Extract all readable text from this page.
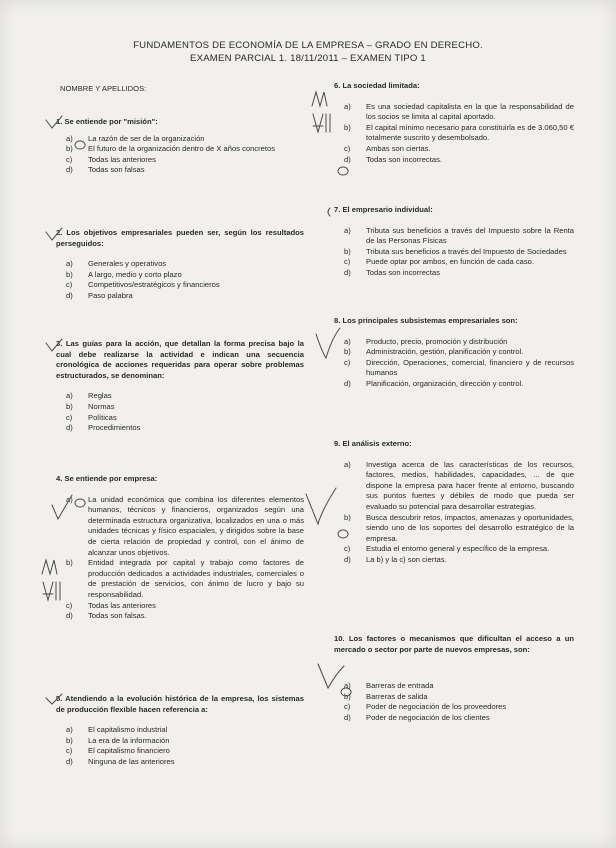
FUNDAMENTOS DE ECONOMÍA DE LA EMPRESA – GRADO EN DERECHO.
EXAMEN PARCIAL 1. 18/11/2011 – EXAMEN TIPO 1
NOMBRE Y APELLIDOS:
1. Se entiende por "misión":
a)	La razón de ser de la organización
b)	El futuro de la organización dentro de X años concretos
c)	Todas las anteriores
d)	Todas son falsas
2. Los objetivos empresariales pueden ser, según los resultados perseguidos:
a)	Generales y operativos
b)	A largo, medio y corto plazo
c)	Competitivos/estratégicos y financieros
d)	Paso palabra
3. Las guías para la acción, que detallan la forma precisa bajo la cual debe realizarse la actividad e indican una secuencia cronológica de acciones requeridas para operar sobre problemas estructurados, se denominan:
a)	Reglas
b)	Normas
c)	Políticas
d)	Procedimientos
4. Se entiende por empresa:
a)	La unidad económica que combina los diferentes elementos humanos, técnicos y financieros, organizados según una determinada estructura organizativa, localizados en una o más unidades técnicas y físico espaciales, y dirigidos sobre la base de cierta relación de propiedad y control, con el ánimo de alcanzar unos objetivos.
b)	Entidad integrada por capital y trabajo como factores de producción dedicados a actividades industriales, comerciales o de prestación de servicios, con ánimo de lucro y bajo su responsabilidad.
c)	Todas las anteriores
d)	Todas son falsas.
5. Atendiendo a la evolución histórica de la empresa, los sistemas de producción flexible hacen referencia a:
a)	El capitalismo industrial
b)	La era de la información
c)	El capitalismo financiero
d)	Ninguna de las anteriores
6. La sociedad limitada:
a)	Es una sociedad capitalista en la que la responsabilidad de los socios se limita al capital aportado.
b)	El capital mínimo necesario para constituirla es de 3.060,50 € totalmente suscrito y desembolsado.
c)	Ambas son ciertas.
d)	Todas son incorrectas.
7. El empresario individual:
a)	Tributa sus beneficios a través del Impuesto sobre la Renta de las Personas Físicas
b)	Tributa sus beneficios a través del Impuesto de Sociedades
c)	Puede optar por ambos, en función de cada caso.
d)	Todas son incorrectas
8. Los principales subsistemas empresariales son:
a)	Producto, precio, promoción y distribución
b)	Administración, gestión, planificación y control.
c)	Dirección, Operaciones, comercial, financiero y de recursos humanos
d)	Planificación, organización, dirección y control.
9. El análisis externo:
a)	Investiga acerca de las características de los recursos, factores, medios, habilidades, capacidades, ... de que dispone la empresa para hacer frente al entorno, buscando sus puntos fuertes y débiles de modo que pueda ser evaluado su potencial para desarrollar estrategias.
b)	Busca descubrir retos, impactos, amenazas y oportunidades, siendo uno de los soportes del desarrollo estratégico de la empresa.
c)	Estudia el entorno general y específico de la empresa.
d)	La b) y la c) son ciertas.
10. Los factores o mecanismos que dificultan el acceso a un mercado o sector por parte de nuevos empresas, son:
a)	Barreras de entrada
b)	Barreras de salida
c)	Poder de negociación de los proveedores
d)	Poder de negociación de los clientes
